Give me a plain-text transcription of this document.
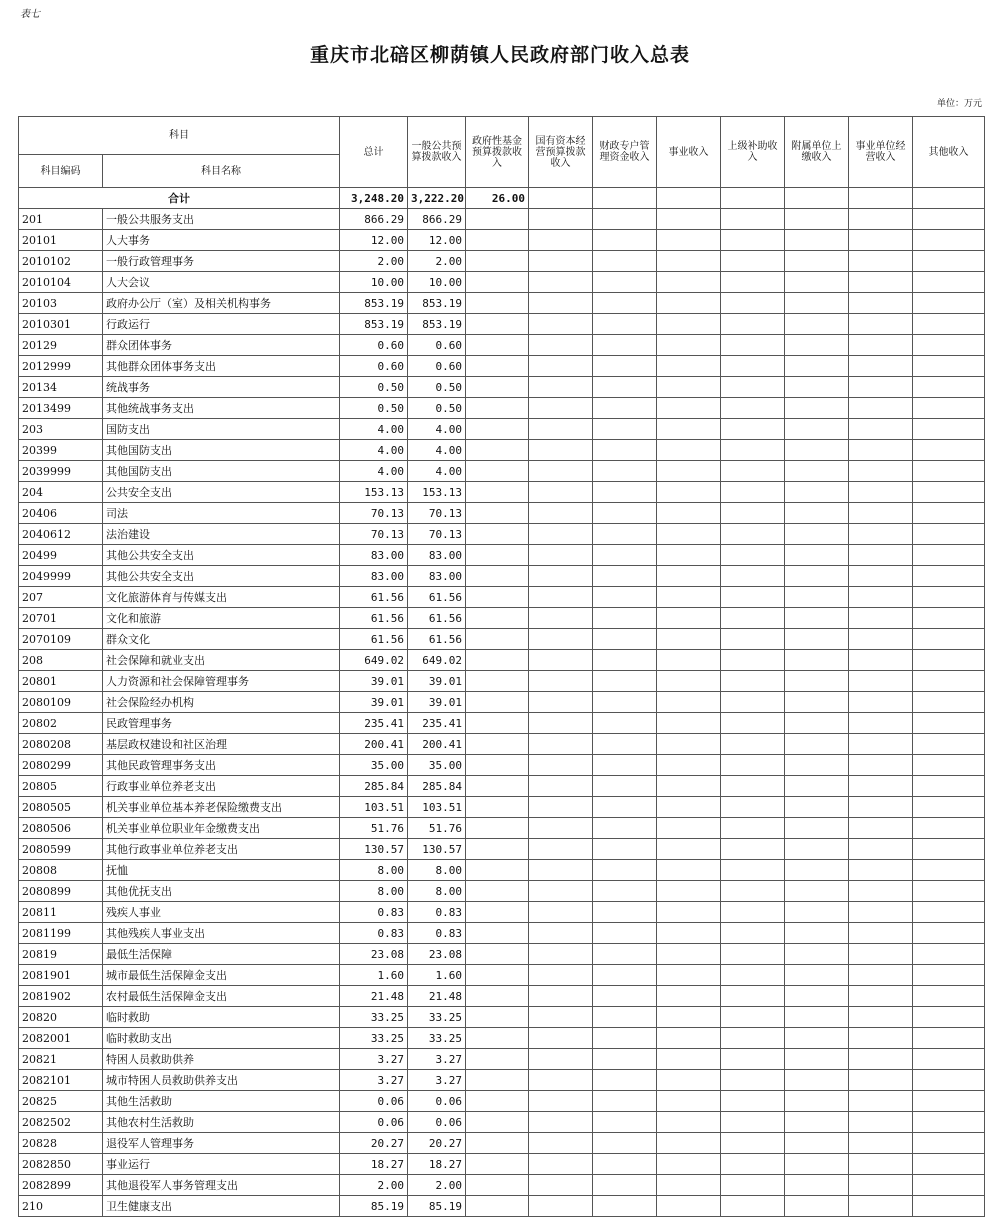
表七
重庆市北碚区柳荫镇人民政府部门收入总表
单位：万元
科目		总计	一般公共预算拨款收入	政府性基金预算拨款收入	国有资本经营预算拨款收入	财政专户管理资金收入	事业收入	上级补助收入	附属单位上缴收入	事业单位经营收入	其他收入
科目编码	科目名称										
合计		3,248.20	3,222.20	26.00							
201	一般公共服务支出	866.29	866.29								
20101	人大事务	12.00	12.00								
2010102	一般行政管理事务	2.00	2.00								
2010104	人大会议	10.00	10.00								
20103	政府办公厅（室）及相关机构事务	853.19	853.19								
2010301	行政运行	853.19	853.19								
20129	群众团体事务	0.60	0.60								
2012999	其他群众团体事务支出	0.60	0.60								
20134	统战事务	0.50	0.50								
2013499	其他统战事务支出	0.50	0.50								
203	国防支出	4.00	4.00								
20399	其他国防支出	4.00	4.00								
2039999	其他国防支出	4.00	4.00								
204	公共安全支出	153.13	153.13								
20406	司法	70.13	70.13								
2040612	法治建设	70.13	70.13								
20499	其他公共安全支出	83.00	83.00								
2049999	其他公共安全支出	83.00	83.00								
207	文化旅游体育与传媒支出	61.56	61.56								
20701	文化和旅游	61.56	61.56								
2070109	群众文化	61.56	61.56								
208	社会保障和就业支出	649.02	649.02								
20801	人力资源和社会保障管理事务	39.01	39.01								
2080109	社会保险经办机构	39.01	39.01								
20802	民政管理事务	235.41	235.41								
2080208	基层政权建设和社区治理	200.41	200.41								
2080299	其他民政管理事务支出	35.00	35.00								
20805	行政事业单位养老支出	285.84	285.84								
2080505	机关事业单位基本养老保险缴费支出	103.51	103.51								
2080506	机关事业单位职业年金缴费支出	51.76	51.76								
2080599	其他行政事业单位养老支出	130.57	130.57								
20808	抚恤	8.00	8.00								
2080899	其他优抚支出	8.00	8.00								
20811	残疾人事业	0.83	0.83								
2081199	其他残疾人事业支出	0.83	0.83								
20819	最低生活保障	23.08	23.08								
2081901	城市最低生活保障金支出	1.60	1.60								
2081902	农村最低生活保障金支出	21.48	21.48								
20820	临时救助	33.25	33.25								
2082001	临时救助支出	33.25	33.25								
20821	特困人员救助供养	3.27	3.27								
2082101	城市特困人员救助供养支出	3.27	3.27								
20825	其他生活救助	0.06	0.06								
2082502	其他农村生活救助	0.06	0.06								
20828	退役军人管理事务	20.27	20.27								
2082850	事业运行	18.27	18.27								
2082899	其他退役军人事务管理支出	2.00	2.00								
210	卫生健康支出	85.19	85.19								
